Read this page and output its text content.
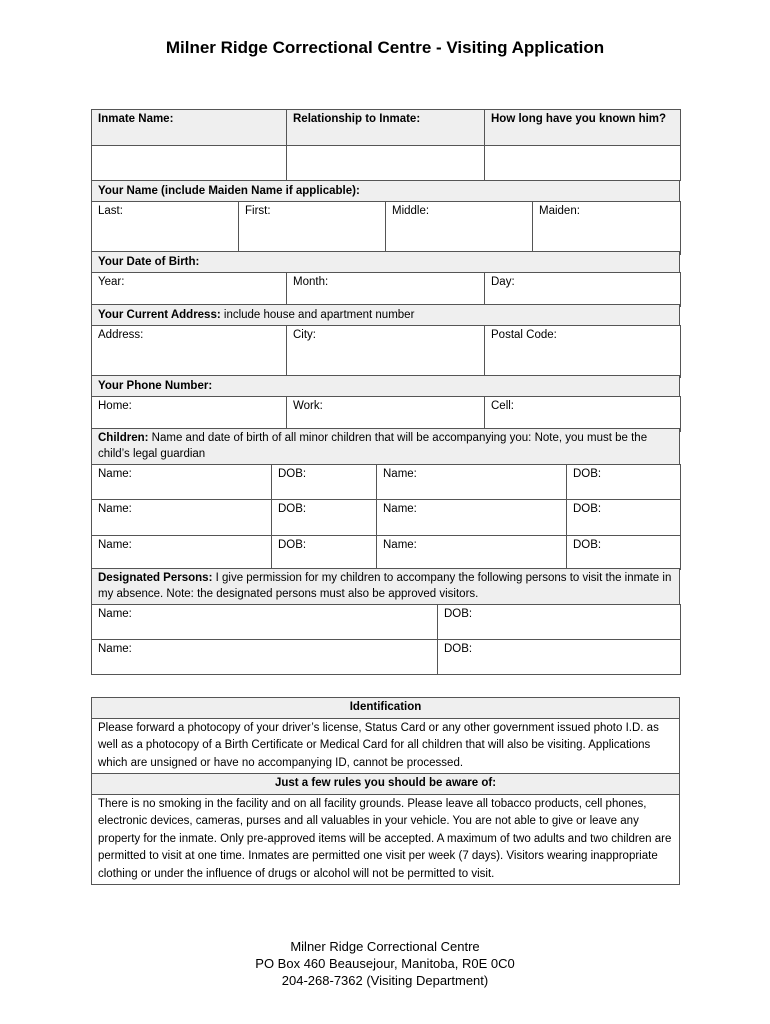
Milner Ridge Correctional Centre - Visiting Application
Inmate Name:	Relationship to Inmate:	How long have you known him?

Your Name (include Maiden Name if applicable):
Last:	First:	Middle:	Maiden:
Your Date of Birth:
Year:	Month:	Day:
Your Current Address: include house and apartment number
Address:	City:	Postal Code:
Your Phone Number:
Home:	Work:	Cell:
Children: Name and date of birth of all minor children that will be accompanying you: Note, you must be the child’s legal guardian
Name:	DOB:	Name:	DOB:
Name:	DOB:	Name:	DOB:
Name:	DOB:	Name:	DOB:
Designated Persons: I give permission for my children to accompany the following persons to visit the inmate in my absence. Note: the designated persons must also be approved visitors.
Name:	DOB:
Name:	DOB:
Identification
Please forward a photocopy of your driver’s license, Status Card or any other government issued photo I.D. as well as a photocopy of a Birth Certificate or Medical Card for all children that will also be visiting. Applications which are unsigned or have no accompanying ID, cannot be processed.
Just a few rules you should be aware of:
There is no smoking in the facility and on all facility grounds. Please leave all tobacco products, cell phones, electronic devices, cameras, purses and all valuables in your vehicle. You are not able to give or leave any property for the inmate. Only pre-approved items will be accepted. A maximum of two adults and two children are permitted to visit at one time. Inmates are permitted one visit per week (7 days). Visitors wearing inappropriate clothing or under the influence of drugs or alcohol will not be permitted to visit.
Milner Ridge Correctional Centre
PO Box 460 Beausejour, Manitoba, R0E 0C0
204-268-7362 (Visiting Department)
